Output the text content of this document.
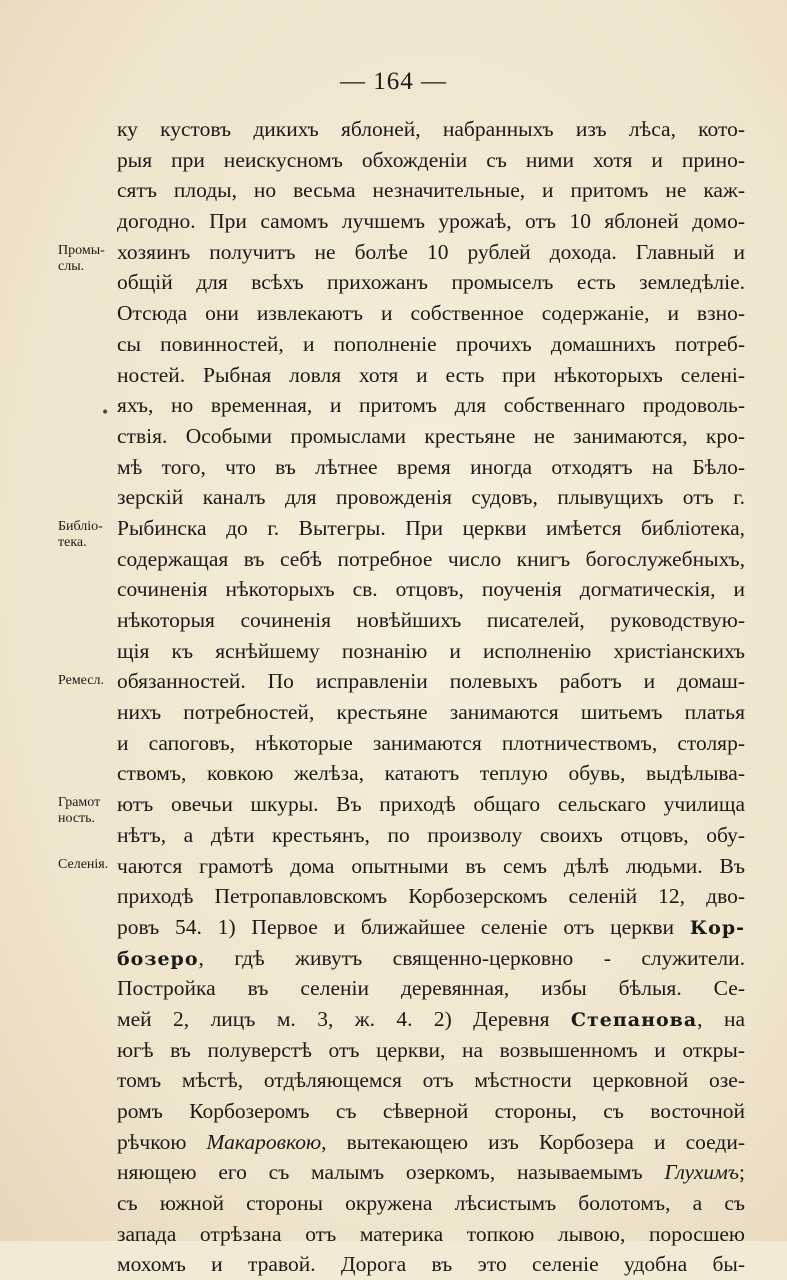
— 164 —
Промы-
слы.
Библіо-
тека.
Ремесл.
Грамот
ность.
Селенія.
ку кустовъ дикихъ яблоней, набранныхъ изъ лѣса, кото-
рыя при неискусномъ обхожденіи съ ними хотя и прино-
сятъ плоды, но весьма незначительные, и притомъ не каж-
догодно. При самомъ лучшемъ урожаѣ, отъ 10 яблоней домо-
хозяинъ получитъ не болѣе 10 рублей дохода. Главный и
общій для всѣхъ прихожанъ промыселъ есть земледѣліе.
Отсюда они извлекаютъ и собственное содержаніе, и взно-
сы повинностей, и пополненіе прочихъ домашнихъ потреб-
ностей. Рыбная ловля хотя и есть при нѣкоторыхъ селені-
яхъ, но временная, и притомъ для собственнаго продоволь-
ствія. Особыми промыслами крестьяне не занимаются, кро-
мѣ того, что въ лѣтнее время иногда отходятъ на Бѣло-
зерскій каналъ для провожденія судовъ, плывущихъ отъ г.
Рыбинска до г. Вытегры. При церкви имѣется библіотека,
содержащая въ себѣ потребное число книгъ богослужебныхъ,
сочиненія нѣкоторыхъ св. отцовъ, поученія догматическія, и
нѣкоторыя сочиненія новѣйшихъ писателей, руководствую-
щія къ яснѣйшему познанію и исполненію христіанскихъ
обязанностей. По исправленіи полевыхъ работъ и домаш-
нихъ потребностей, крестьяне занимаются шитьемъ платья
и сапоговъ, нѣкоторые занимаются плотничествомъ, столяр-
ствомъ, ковкою желѣза, катаютъ теплую обувь, выдѣлыва-
ютъ овечьи шкуры. Въ приходѣ общаго сельскаго училища
нѣтъ, а дѣти крестьянъ, по произволу своихъ отцовъ, обу-
чаются грамотѣ дома опытными въ семъ дѣлѣ людьми. Въ
приходѣ Петропавловскомъ Корбозерскомъ селеній 12, дво-
ровъ 54. 1) Первое и ближайшее селеніе отъ церкви Кор-
бозеро, гдѣ живутъ священно-церковно - служители.
Постройка въ селеніи деревянная, избы бѣлыя. Се-
мей 2, лицъ м. 3, ж. 4. 2) Деревня Степанова, на
югѣ въ полуверстѣ отъ церкви, на возвышенномъ и откры-
томъ мѣстѣ, отдѣляющемся отъ мѣстности церковной озе-
ромъ Корбозеромъ съ сѣверной стороны, съ восточной
рѣчкою Макаровкою, вытекающею изъ Корбозера и соеди-
няющею его съ малымъ озеркомъ, называемымъ Глухимъ;
съ южной стороны окружена лѣсистымъ болотомъ, а съ
запада отрѣзана отъ материка топкою лывою, поросшею
мохомъ и травой. Дорога въ это селеніе удобна бы-
•
